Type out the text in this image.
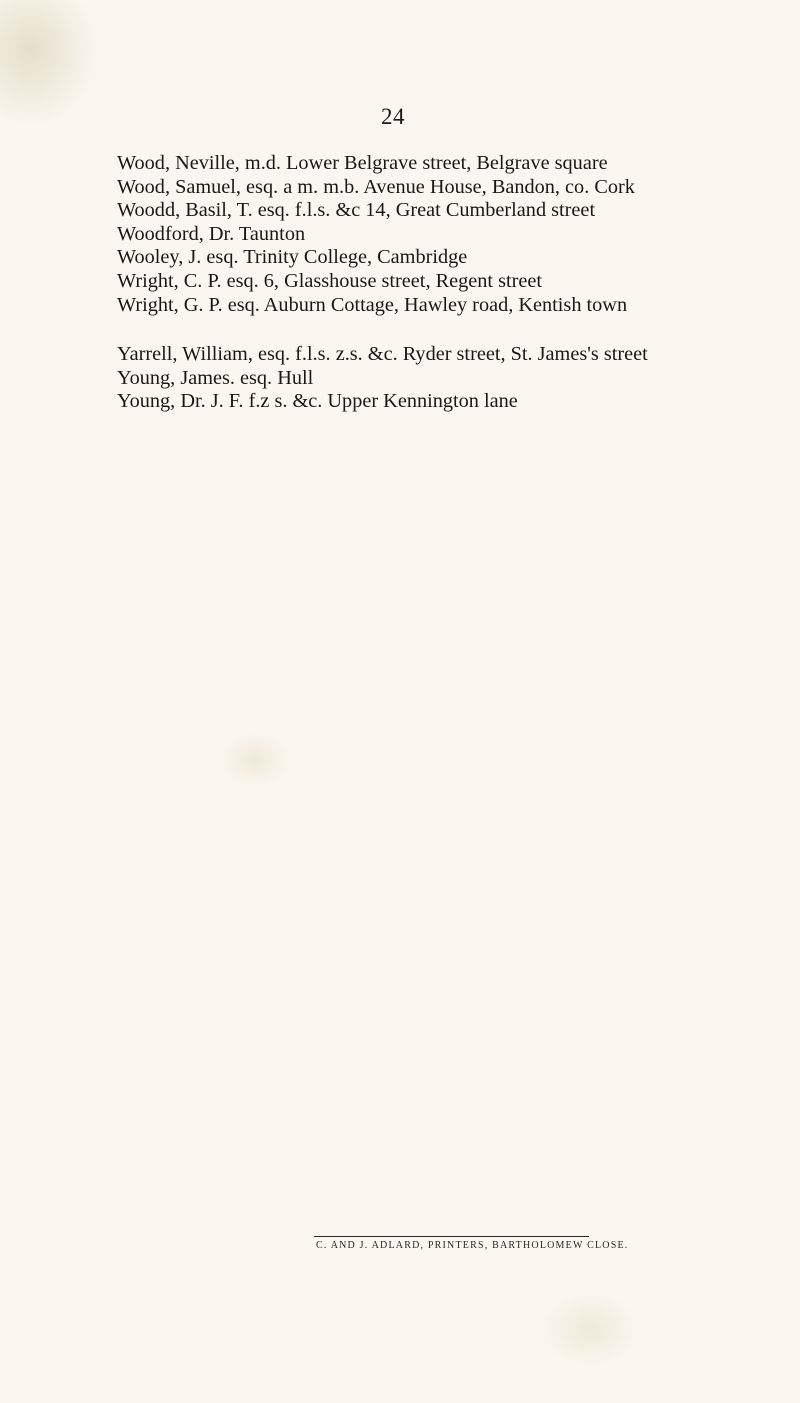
24
Wood, Neville, m.d. Lower Belgrave street, Belgrave square
Wood, Samuel, esq. a m. m.b. Avenue House, Bandon, co. Cork
Woodd, Basil, T. esq. f.l.s. &c 14, Great Cumberland street
Woodford, Dr. Taunton
Wooley, J. esq. Trinity College, Cambridge
Wright, C. P. esq. 6, Glasshouse street, Regent street
Wright, G. P. esq. Auburn Cottage, Hawley road, Kentish town
Yarrell, William, esq. f.l.s. z.s. &c. Ryder street, St. James's street
Young, James. esq. Hull
Young, Dr. J. F. f.z s. &c. Upper Kennington lane
C. AND J. ADLARD, PRINTERS, BARTHOLOMEW CLOSE.
